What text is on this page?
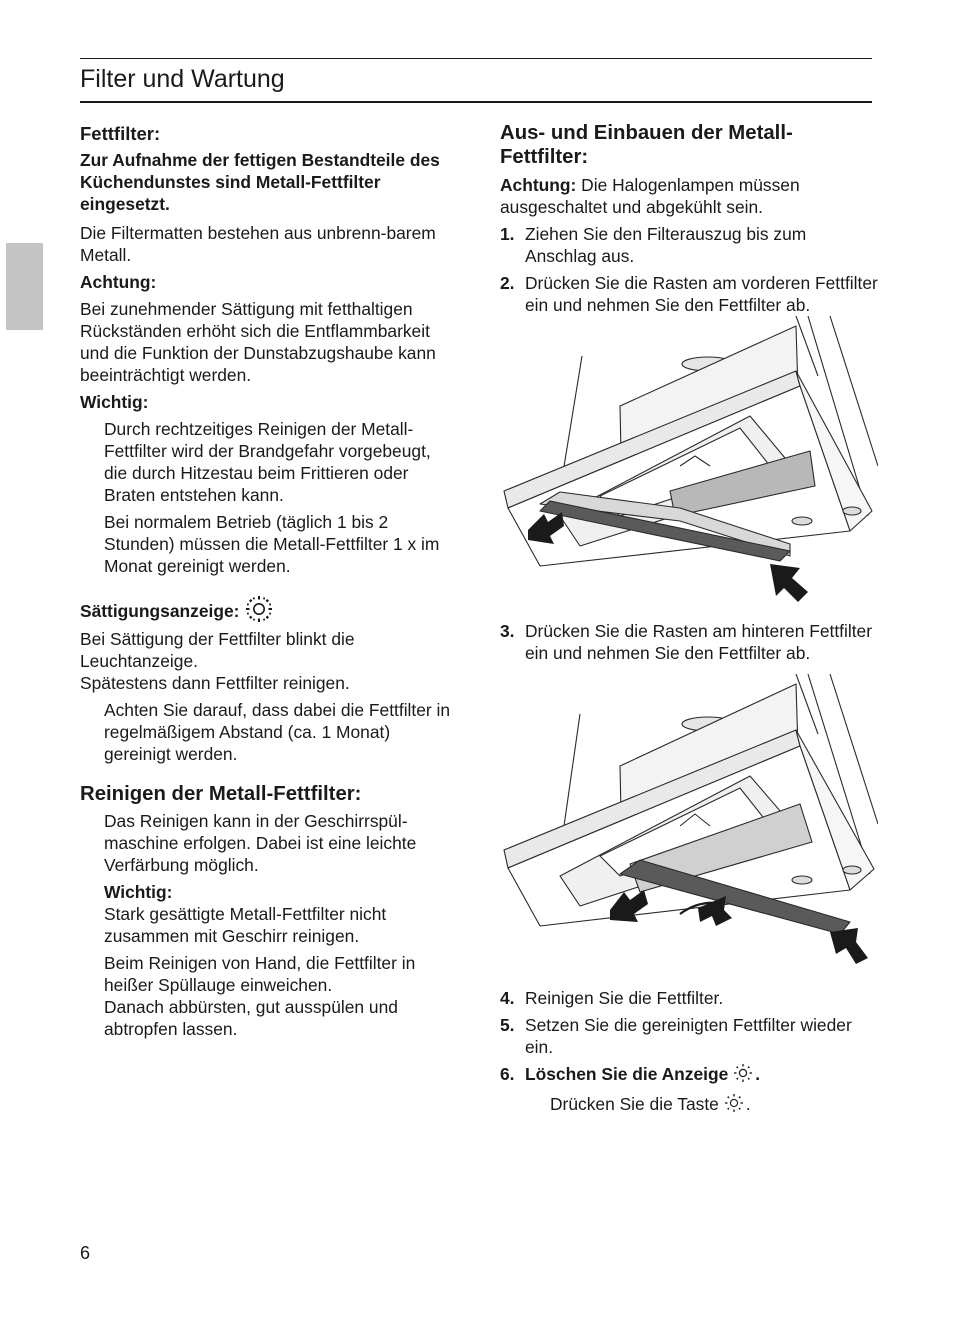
Filter und Wartung
Fettfilter:

Zur Aufnahme der fettigen Bestandteile des Küchendunstes sind Metall-Fettfilter eingesetzt.

Die Filtermatten bestehen aus unbrenn-barem Metall.

Achtung:

Bei zunehmender Sättigung mit fetthaltigen Rückständen erhöht sich die Entflammbarkeit und die Funktion der Dunstabzugshaube kann beeinträchtigt werden.

Wichtig:

Durch rechtzeitiges Reinigen der Metall-Fettfilter wird der Brandgefahr vorgebeugt, die durch Hitzestau beim Frittieren oder Braten entstehen kann.

Bei normalem Betrieb (täglich 1 bis 2 Stunden) müssen die Metall-Fettfilter 1 x im Monat gereinigt werden.

Sättigungsanzeige:

Bei Sättigung der Fettfilter blinkt die Leuchtanzeige.

Spätestens dann Fettfilter reinigen.

Achten Sie darauf, dass dabei die Fettfilter in regelmäßigem Abstand (ca. 1 Monat) gereinigt werden.

Reinigen der Metall-Fettfilter:

Das Reinigen kann in der Geschirrspül-maschine erfolgen. Dabei ist eine leichte Verfärbung möglich.

Wichtig:

Stark gesättigte Metall-Fettfilter nicht zusammen mit Geschirr reinigen.

Beim Reinigen von Hand, die Fettfilter in heißer Spüllauge einweichen.

Danach abbürsten, gut ausspülen und abtropfen lassen.

Aus- und Einbauen der Metall-Fettfilter:

Achtung: Die Halogenlampen müssen ausgeschaltet und abgekühlt sein.

1. Ziehen Sie den Filterauszug bis zum Anschlag aus.
2. Drücken Sie die Rasten am vorderen Fettfilter ein und nehmen Sie den Fettfilter ab.
3. Drücken Sie die Rasten am hinteren Fettfilter ein und nehmen Sie den Fettfilter ab.
4. Reinigen Sie die Fettfilter.
5. Setzen Sie die gereinigten Fettfilter wieder ein.
6. Löschen Sie die Anzeige .

Drücken Sie die Taste .

6
